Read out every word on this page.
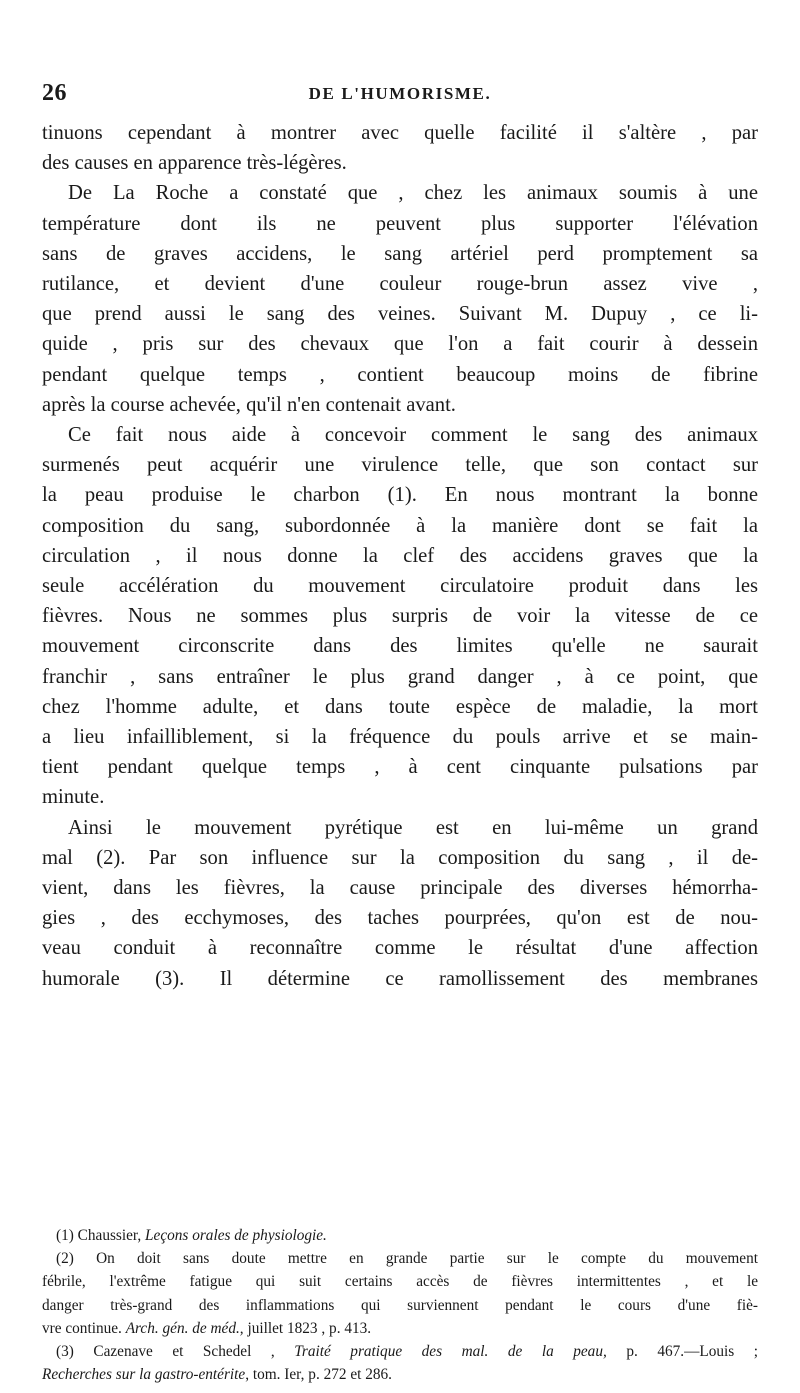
26	DE L'HUMORISME.
tinuons cependant à montrer avec quelle facilité il s'altère , par
des causes en apparence très-légères.
De La Roche a constaté que , chez les animaux soumis à une
température dont ils ne peuvent plus supporter l'élévation
sans de graves accidens, le sang artériel perd promptement sa
rutilance, et devient d'une couleur rouge-brun assez vive ,
que prend aussi le sang des veines. Suivant M. Dupuy , ce li-
quide , pris sur des chevaux que l'on a fait courir à dessein
pendant quelque temps , contient beaucoup moins de fibrine
après la course achevée, qu'il n'en contenait avant.
Ce fait nous aide à concevoir comment le sang des animaux
surmenés peut acquérir une virulence telle, que son contact sur
la peau produise le charbon (1). En nous montrant la bonne
composition du sang, subordonnée à la manière dont se fait la
circulation , il nous donne la clef des accidens graves que la
seule accélération du mouvement circulatoire produit dans les
fièvres. Nous ne sommes plus surpris de voir la vitesse de ce
mouvement circonscrite dans des limites qu'elle ne saurait
franchir , sans entraîner le plus grand danger , à ce point, que
chez l'homme adulte, et dans toute espèce de maladie, la mort
a lieu infailliblement, si la fréquence du pouls arrive et se main-
tient pendant quelque temps , à cent cinquante pulsations par
minute.
Ainsi le mouvement pyrétique est en lui-même un grand
mal (2). Par son influence sur la composition du sang , il de-
vient, dans les fièvres, la cause principale des diverses hémorrha-
gies , des ecchymoses, des taches pourprées, qu'on est de nou-
veau conduit à reconnaître comme le résultat d'une affection
humorale (3). Il détermine ce ramollissement des membranes
(1) Chaussier, Leçons orales de physiologie.
(2) On doit sans doute mettre en grande partie sur le compte du mouvement
fébrile, l'extrême fatigue qui suit certains accès de fièvres intermittentes , et le
danger très-grand des inflammations qui surviennent pendant le cours d'une fiè-
vre continue. Arch. gén. de méd., juillet 1823 , p. 413.
(3) Cazenave et Schedel , Traité pratique des mal. de la peau, p. 467.—Louis ;
Recherches sur la gastro-entérite, tom. Ier, p. 272 et 286.
